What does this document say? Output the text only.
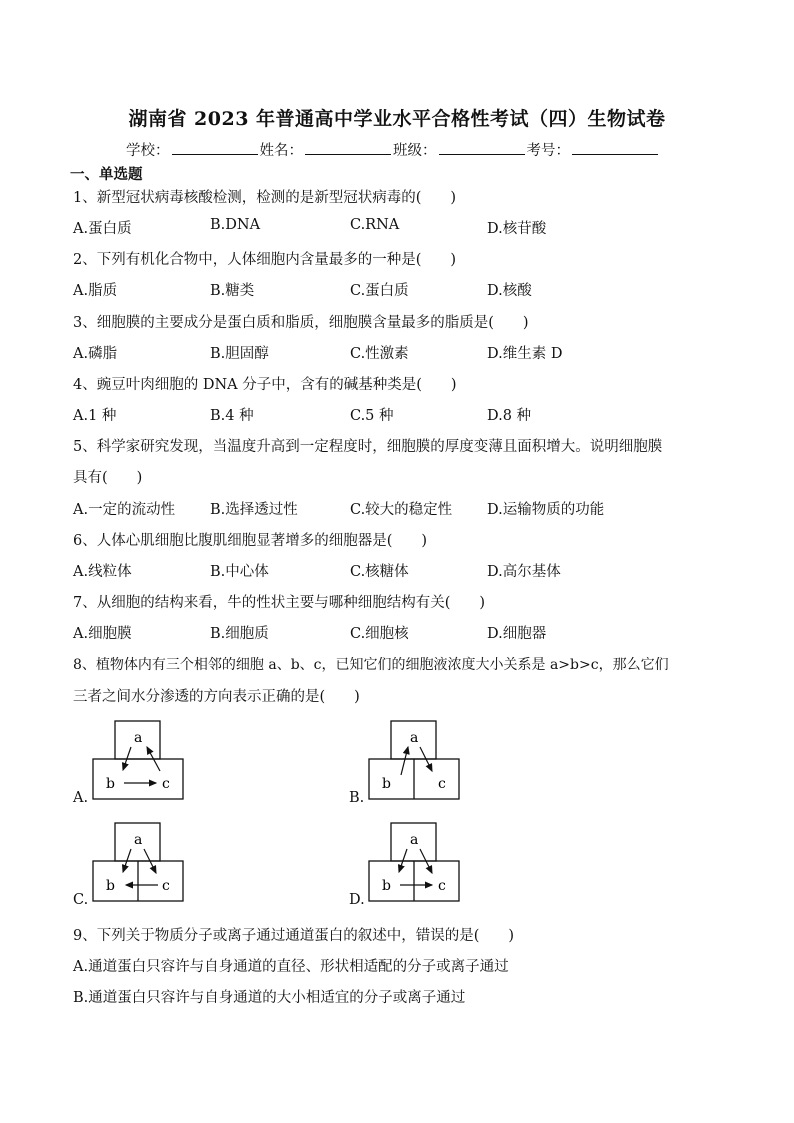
湖南省 2023 年普通高中学业水平合格性考试（四）生物试卷
学校：	姓名：	班级：	考号：
一、单选题
1、新型冠状病毒核酸检测，检测的是新型冠状病毒的(　　)
A.蛋白质	B.DNA	C.RNA	D.核苷酸
2、下列有机化合物中，人体细胞内含量最多的一种是(　　)
A.脂质	B.糖类	C.蛋白质	D.核酸
3、细胞膜的主要成分是蛋白质和脂质，细胞膜含量最多的脂质是(　　)
A.磷脂	B.胆固醇	C.性激素	D.维生素 D
4、豌豆叶肉细胞的 DNA 分子中，含有的碱基种类是(　　)
A.1 种	B.4 种	C.5 种	D.8 种
5、科学家研究发现，当温度升高到一定程度时，细胞膜的厚度变薄且面积增大。说明细胞膜
具有(　　)
A.一定的流动性 B.选择透过性	C.较大的稳定性 D.运输物质的功能
6、人体心肌细胞比腹肌细胞显著增多的细胞器是(　　)
A.线粒体	B.中心体	C.核糖体	D.高尔基体
7、从细胞的结构来看，牛的性状主要与哪种细胞结构有关(　　)
A.细胞膜	B.细胞质	C.细胞核	D.细胞器
8、植物体内有三个相邻的细胞 a、b、c，已知它们的细胞液浓度大小关系是 a>b>c，那么它们
三者之间水分渗透的方向表示正确的是(　　)
A.	B.
C.	D.
a
b	c
a
b	c
a
b	c
a
b	c
9、下列关于物质分子或离子通过通道蛋白的叙述中，错误的是(　　)
A.通道蛋白只容许与自身通道的直径、形状相适配的分子或离子通过
B.通道蛋白只容许与自身通道的大小相适宜的分子或离子通过
